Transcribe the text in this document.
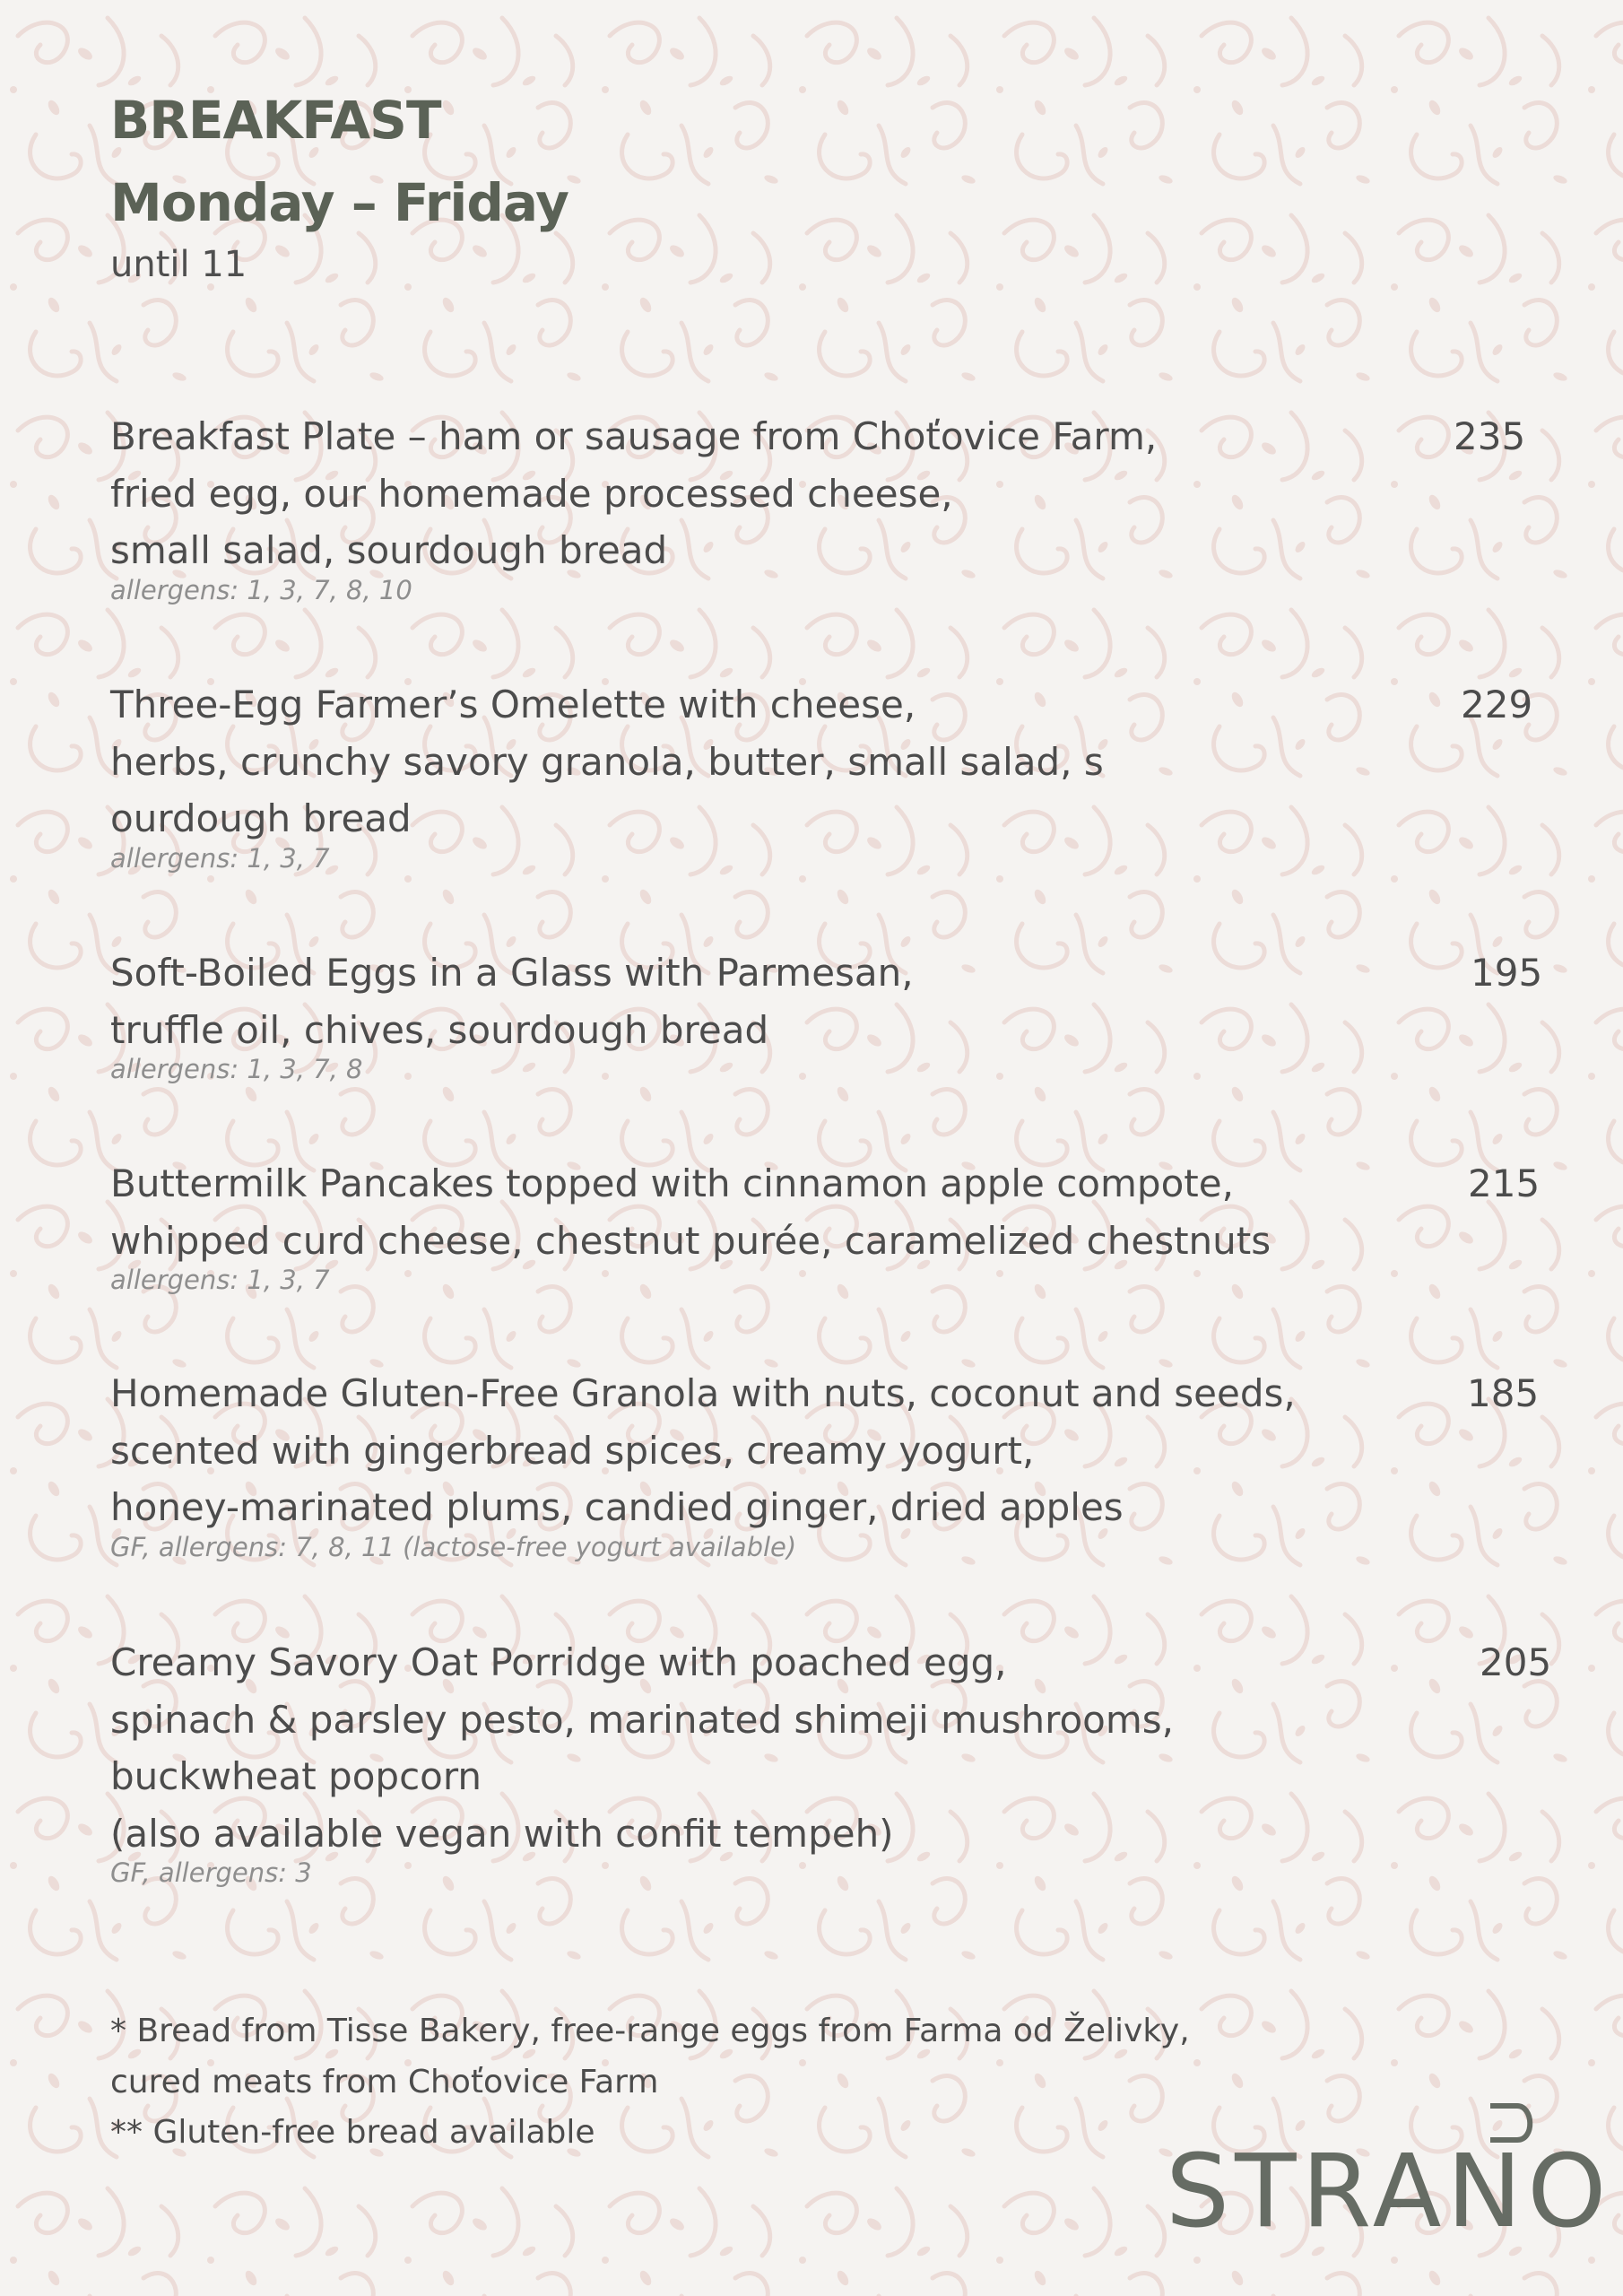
BREAKFAST
Monday – Friday
until 11
Breakfast Plate – ham or sausage from Choťovice Farm,
fried egg, our homemade processed cheese,
small salad, sourdough bread
allergens: 1, 3, 7, 8, 10
235
Three-Egg Farmer’s Omelette with cheese,
herbs, crunchy savory granola, butter, small salad, s
ourdough bread
allergens: 1, 3, 7
229
Soft-Boiled Eggs in a Glass with Parmesan,
truffle oil, chives, sourdough bread
allergens: 1, 3, 7, 8
195
Buttermilk Pancakes topped with cinnamon apple compote,
whipped curd cheese, chestnut purée, caramelized chestnuts
allergens: 1, 3, 7
215
Homemade Gluten-Free Granola with nuts, coconut and seeds,
scented with gingerbread spices, creamy yogurt,
honey-marinated plums, candied ginger, dried apples
GF, allergens: 7, 8, 11 (lactose-free yogurt available)
185
Creamy Savory Oat Porridge with poached egg,
spinach & parsley pesto, marinated shimeji mushrooms,
buckwheat popcorn
(also available vegan with confit tempeh)
GF, allergens: 3
205
* Bread from Tisse Bakery, free-range eggs from Farma od Želivky,
cured meats from Choťovice Farm
** Gluten-free bread available
STRANO
